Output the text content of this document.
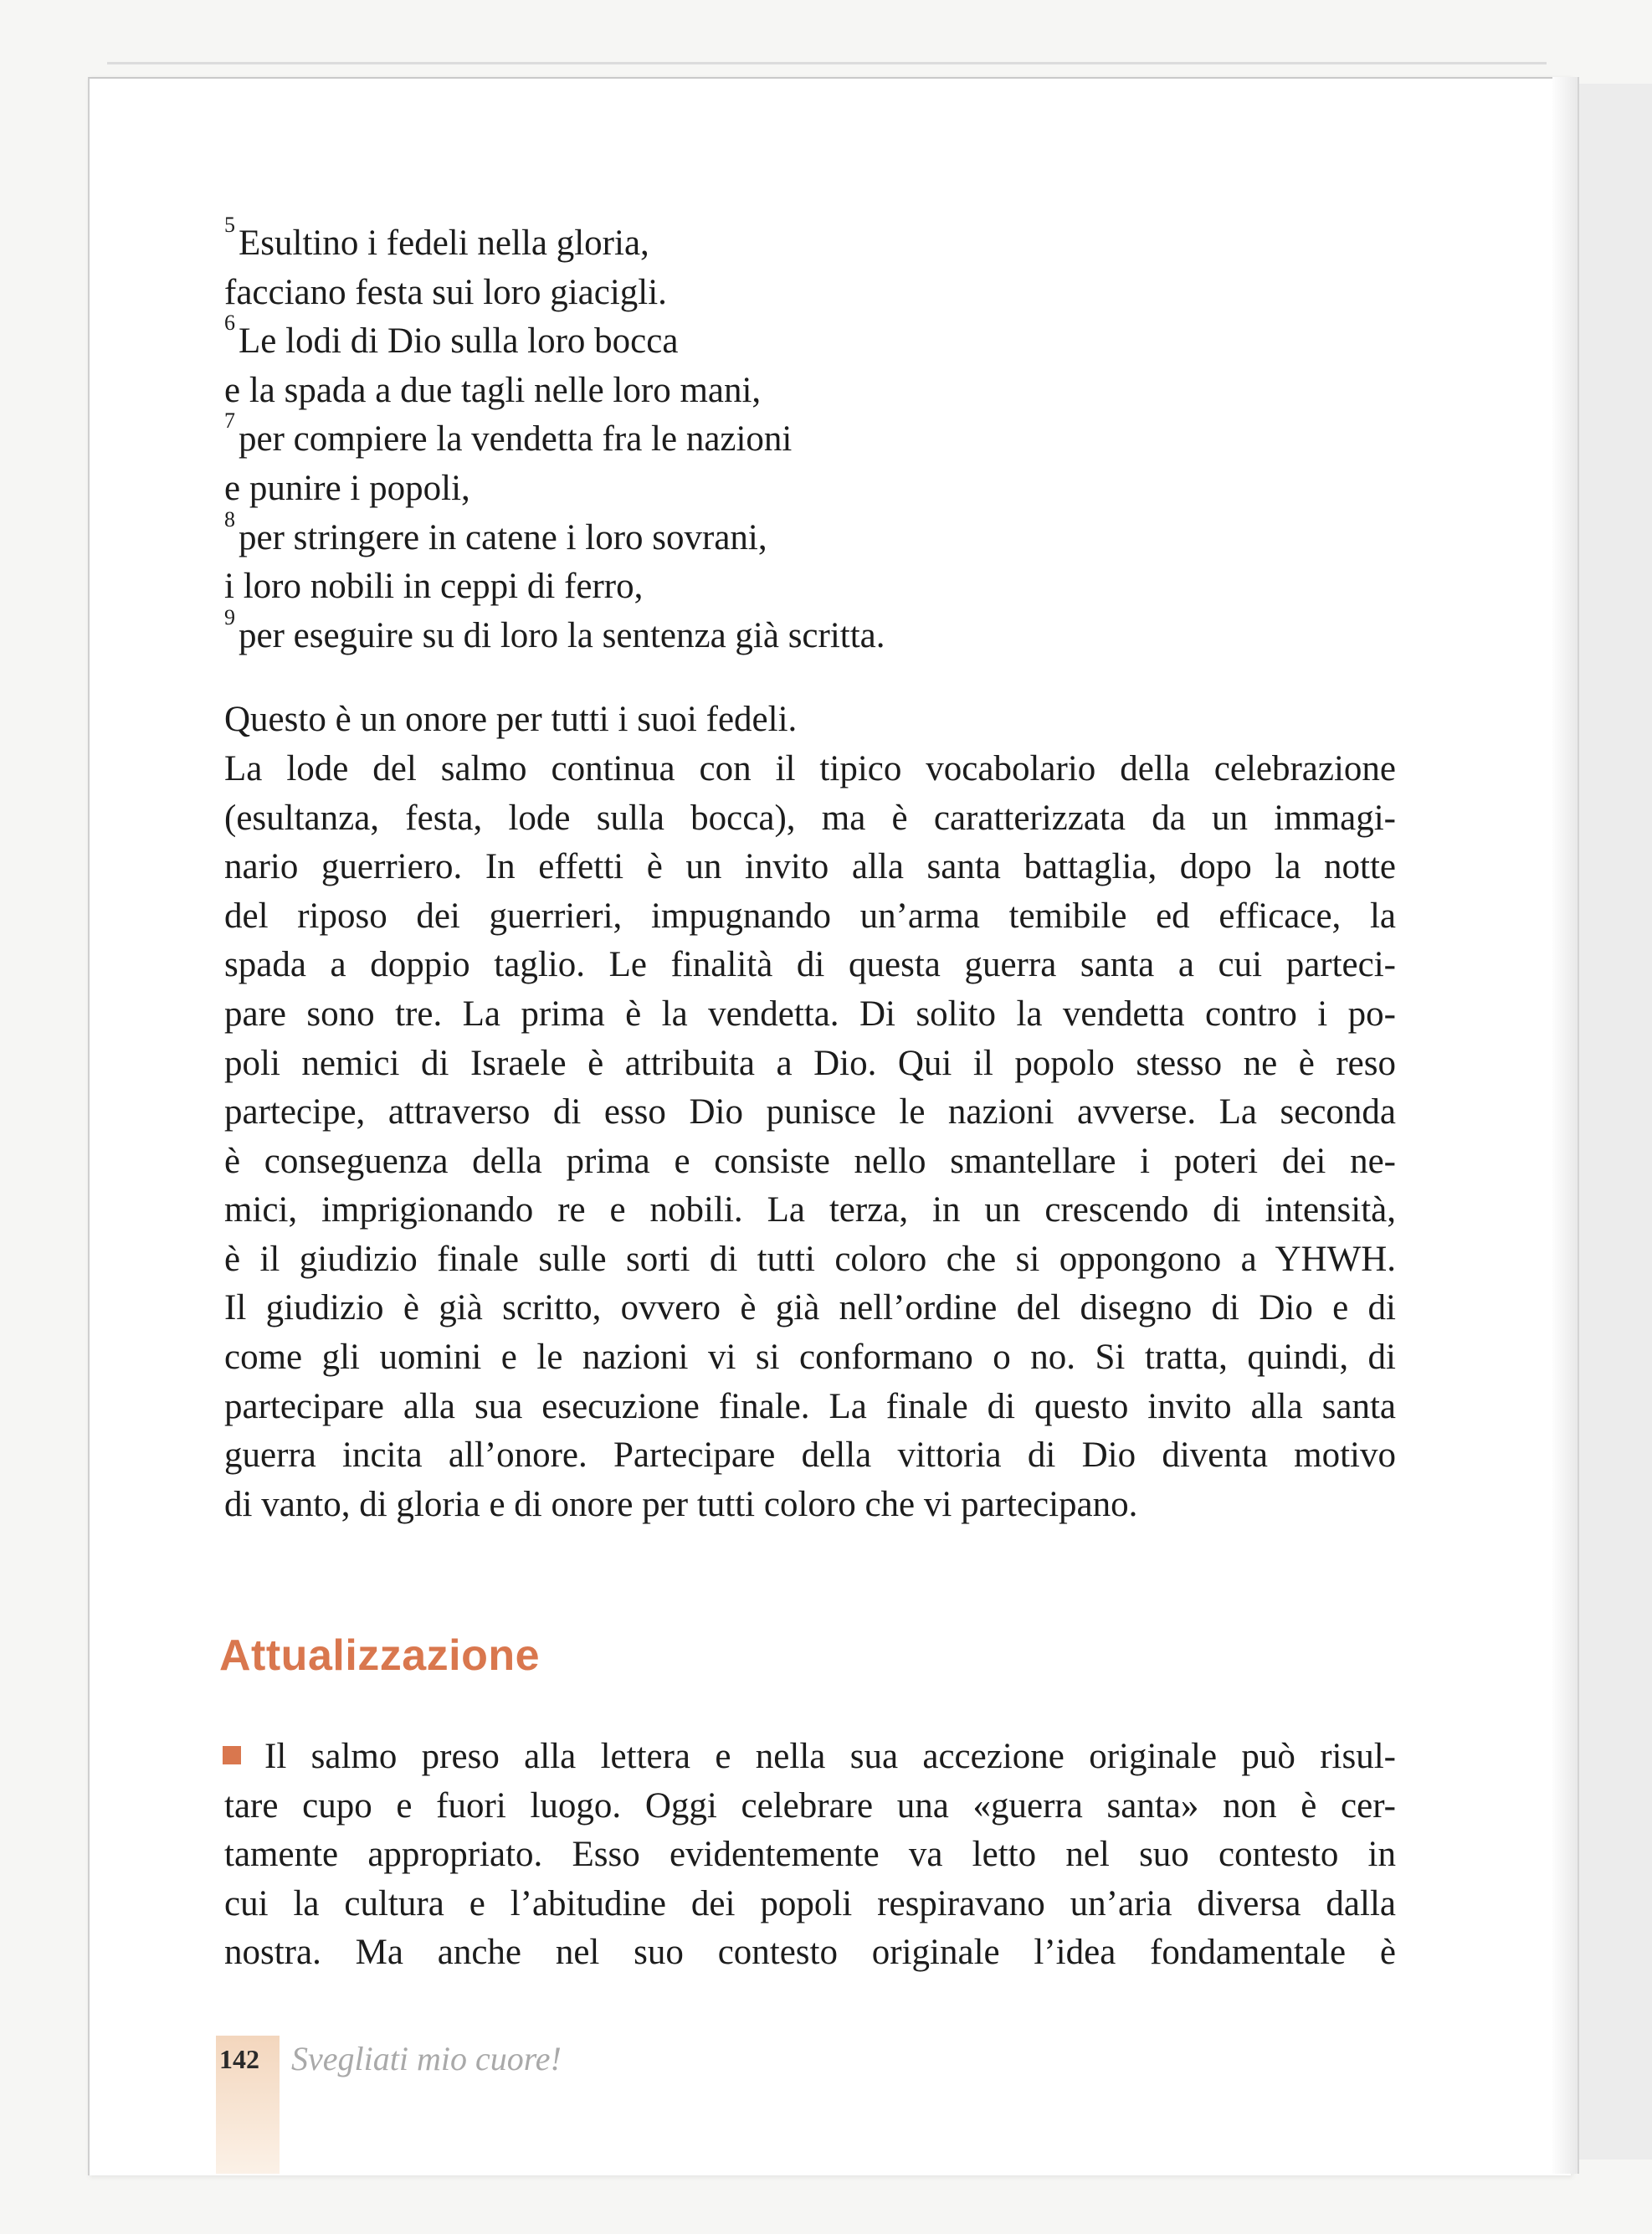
$^5$Esultino i fedeli nella gloria,

facciano festa sui loro giacigli.

$^6$Le lodi di Dio sulla loro bocca

e la spada a due tagli nelle loro mani,

$^7$per compiere la vendetta fra le nazioni

e punire i popoli,

$^8$per stringere in catene i loro sovrani,

i loro nobili in ceppi di ferro,

$^9$per eseguire su di loro la sentenza già scritta.

Questo è un onore per tutti i suoi fedeli.
La lode del salmo continua con il tipico vocabolario della celebrazione
(esultanza, festa, lode sulla bocca), ma è caratterizzata da un immagi-
nario guerriero. In effetti è un invito alla santa battaglia, dopo la notte
del riposo dei guerrieri, impugnando un’arma temibile ed efficace, la
spada a doppio taglio. Le finalità di questa guerra santa a cui parteci-
pare sono tre. La prima è la vendetta. Di solito la vendetta contro i po-
poli nemici di Israele è attribuita a Dio. Qui il popolo stesso ne è reso
partecipe, attraverso di esso Dio punisce le nazioni avverse. La seconda
è conseguenza della prima e consiste nello smantellare i poteri dei ne-
mici, imprigionando re e nobili. La terza, in un crescendo di intensità,
è il giudizio finale sulle sorti di tutti coloro che si oppongono a YHWH.
Il giudizio è già scritto, ovvero è già nell’ordine del disegno di Dio e di
come gli uomini e le nazioni vi si conformano o no. Si tratta, quindi, di
partecipare alla sua esecuzione finale. La finale di questo invito alla santa
guerra incita all’onore. Partecipare della vittoria di Dio diventa motivo
di vanto, di gloria e di onore per tutti coloro che vi partecipano.
Attualizzazione
Il salmo preso alla lettera e nella sua accezione originale può risul-
tare cupo e fuori luogo. Oggi celebrare una «guerra santa» non è cer-
tamente appropriato. Esso evidentemente va letto nel suo contesto in
cui la cultura e l’abitudine dei popoli respiravano un’aria diversa dalla
nostra. Ma anche nel suo contesto originale l’idea fondamentale è
142 Svegliati mio cuore!
